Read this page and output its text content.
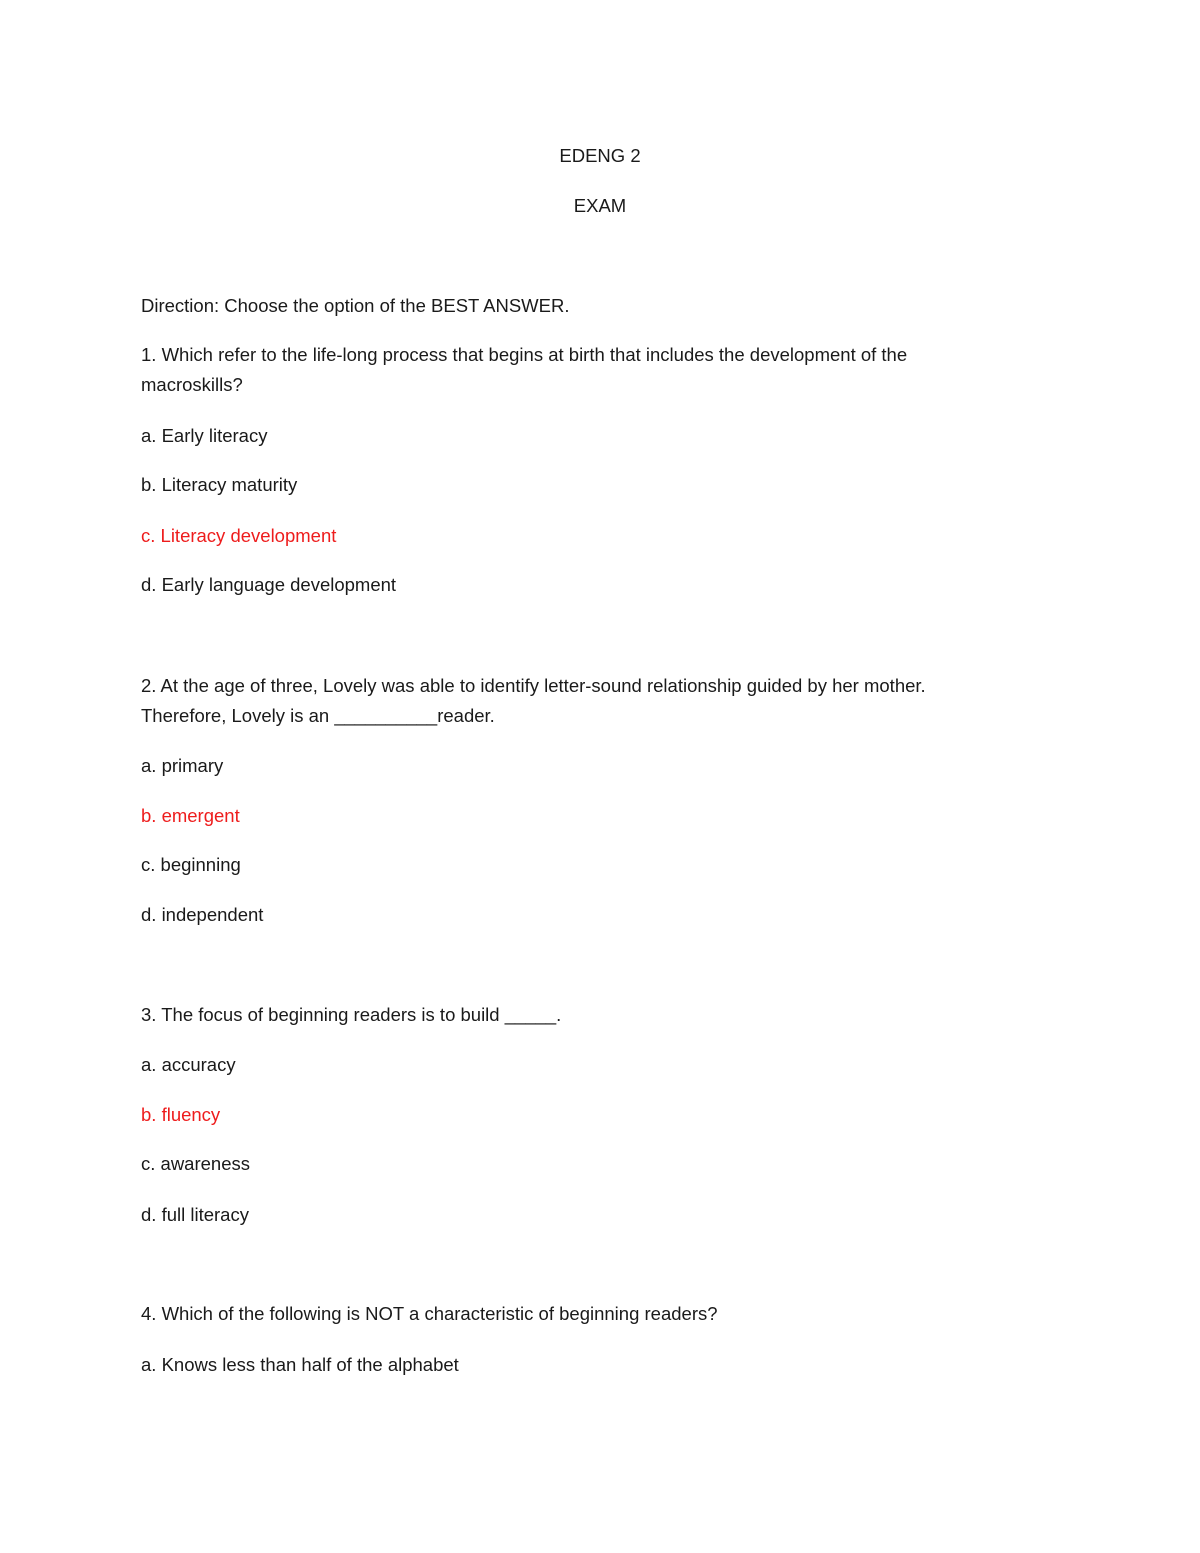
EDENG 2
EXAM
Direction: Choose the option of the BEST ANSWER.
1. Which refer to the life-long process that begins at birth that includes the development of the
macroskills?
a. Early literacy
b. Literacy maturity
c. Literacy development
d. Early language development
2. At the age of three, Lovely was able to identify letter-sound relationship guided by her mother.
Therefore, Lovely is an __________reader.
a. primary
b. emergent
c. beginning
d. independent
3. The focus of beginning readers is to build _____.
a. accuracy
b. fluency
c. awareness
d. full literacy
4. Which of the following is NOT a characteristic of beginning readers?
a. Knows less than half of the alphabet
